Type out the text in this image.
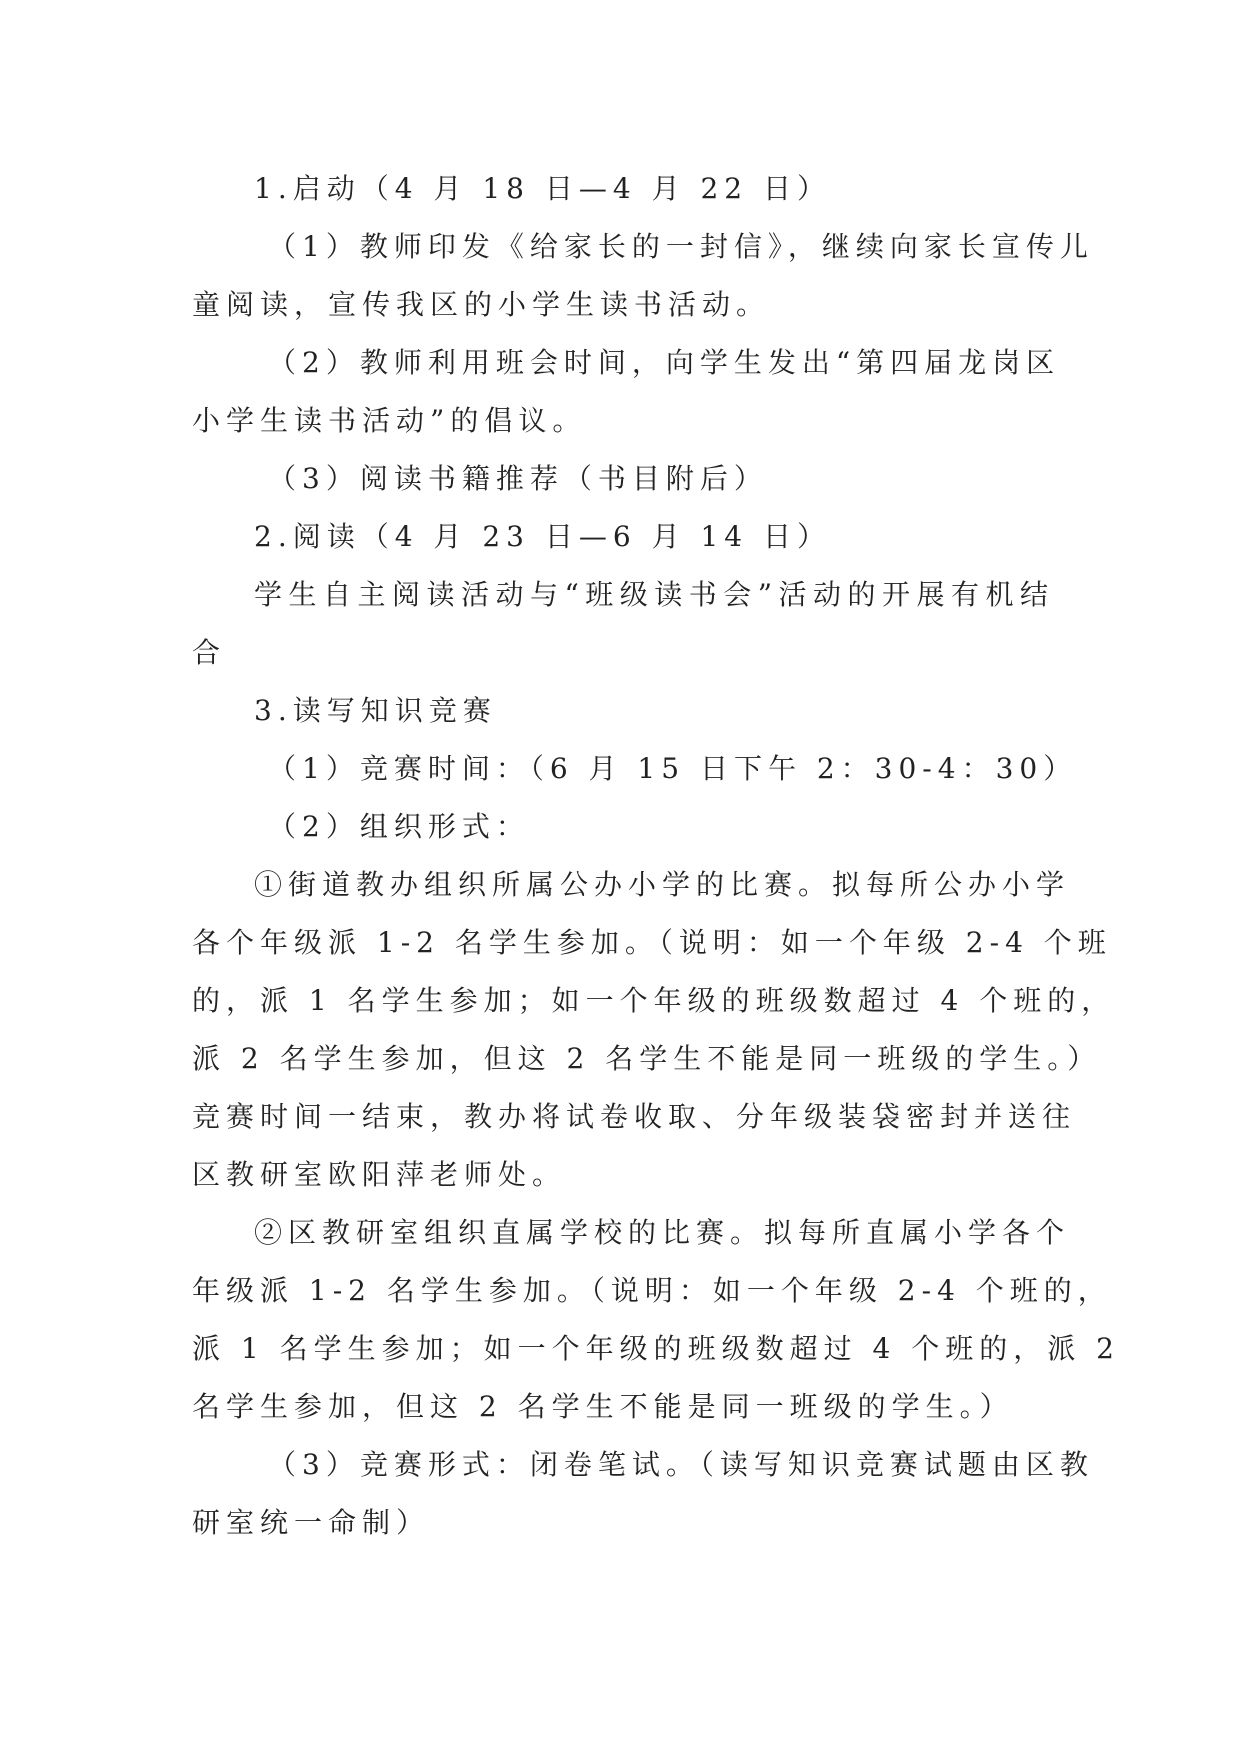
1.启动（4 月 18 日—4 月 22 日）
（1）教师印发《给家长的一封信》，继续向家长宣传儿
童阅读，宣传我区的小学生读书活动。
（2）教师利用班会时间，向学生发出“第四届龙岗区
小学生读书活动”的倡议。
（3）阅读书籍推荐（书目附后）
2.阅读（4 月 23 日—6 月 14 日）
学生自主阅读活动与“班级读书会”活动的开展有机结
合
3.读写知识竞赛
（1）竞赛时间：（6 月 15 日下午 2：30-4：30）
（2）组织形式：
①街道教办组织所属公办小学的比赛。拟每所公办小学
各个年级派 1-2 名学生参加。（说明：如一个年级 2-4 个班
的，派 1 名学生参加；如一个年级的班级数超过 4 个班的，
派 2 名学生参加，但这 2 名学生不能是同一班级的学生。）
竞赛时间一结束，教办将试卷收取、分年级装袋密封并送往
区教研室欧阳萍老师处。
②区教研室组织直属学校的比赛。拟每所直属小学各个
年级派 1-2 名学生参加。（说明：如一个年级 2-4 个班的，
派 1 名学生参加；如一个年级的班级数超过 4 个班的，派 2
名学生参加，但这 2 名学生不能是同一班级的学生。）
（3）竞赛形式：闭卷笔试。（读写知识竞赛试题由区教
研室统一命制）
